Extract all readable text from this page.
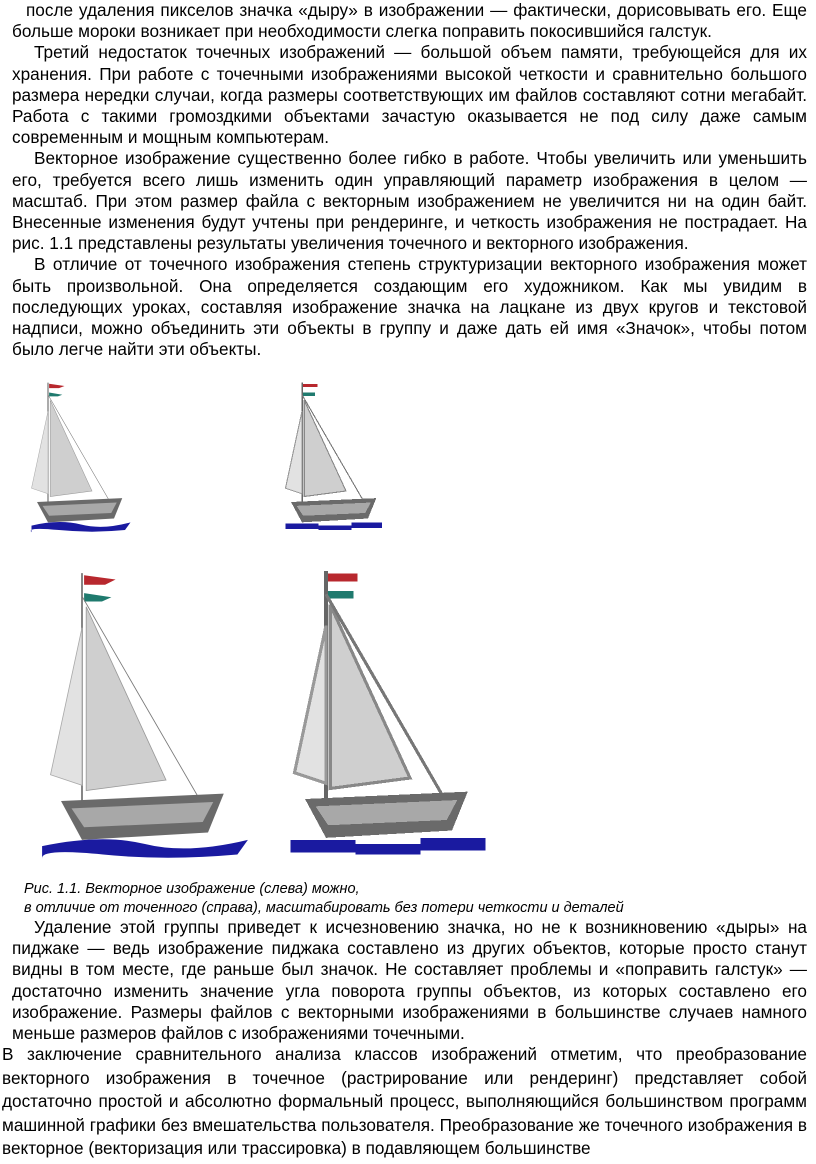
после удаления пикселов значка «дыру» в изображении — фактически, дорисовывать его. Еще больше мороки возникает при необходимости слегка поправить покосившийся галстук.

Третий недостаток точечных изображений — большой объем памяти, требующейся для их хранения. При работе с точечными изображениями высокой четкости и сравнительно большого размера нередки случаи, когда размеры соответствующих им файлов составляют сотни мегабайт. Работа с такими громоздкими объектами зачастую оказывается не под силу даже самым современным и мощным компьютерам.

Векторное изображение существенно более гибко в работе. Чтобы увеличить или уменьшить его, требуется всего лишь изменить один управляющий параметр изображения в целом — масштаб. При этом размер файла с векторным изображением не увеличится ни на один байт. Внесенные изменения будут учтены при рендеринге, и четкость изображения не пострадает. На рис. 1.1 представлены результаты увеличения точечного и векторного изображения.

В отличие от точечного изображения степень структуризации векторного изображения может быть произвольной. Она определяется создающим его художником. Как мы увидим в последующих уроках, составляя изображение значка на лацкане из двух кругов и текстовой надписи, можно объединить эти объекты в группу и даже дать ей имя «Значок», чтобы потом было легче найти эти объекты.

Рис. 1.1. Векторное изображение (слева) можно,
в отличие от точенного (справа), масштабировать без потери четкости и деталей

Удаление этой группы приведет к исчезновению значка, но не к возникновению «дыры» на пиджаке — ведь изображение пиджака составлено из других объектов, которые просто станут видны в том месте, где раньше был значок. Не составляет проблемы и «поправить галстук» — достаточно изменить значение угла поворота группы объектов, из которых составлено его изображение. Размеры файлов с векторными изображениями в большинстве случаев намного меньше размеров файлов с изображениями точечными.

В заключение сравнительного анализа классов изображений отметим, что преобразование векторного изображения в точечное (растрирование или рендеринг) представляет собой достаточно простой и абсолютно формальный процесс, выполняющийся большинством программ машинной графики без вмешательства пользователя. Преобразование же точечного изображения в векторное (векторизация или трассировка) в подавляющем большинстве
